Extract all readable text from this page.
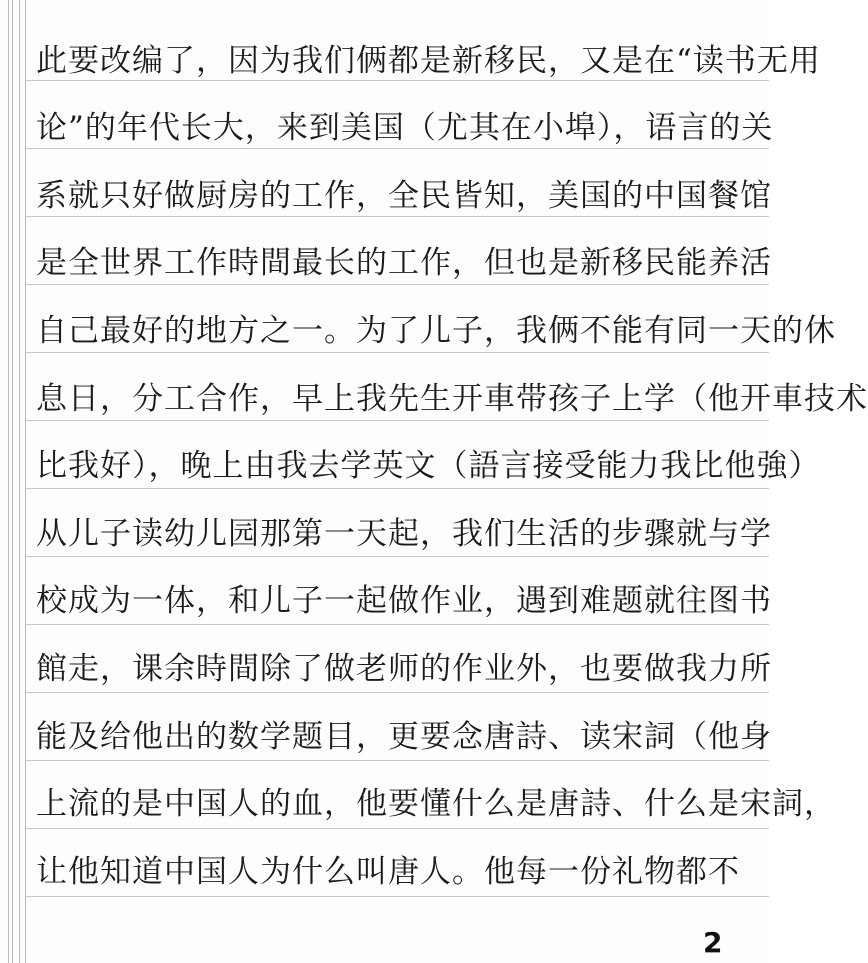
此要改编了，因为我们俩都是新移民，又是在“读书无用
论”的年代长大，来到美国（尤其在小埠），语言的关
系就只好做厨房的工作，全民皆知，美国的中国餐馆
是全世界工作時間最长的工作，但也是新移民能养活
自己最好的地方之一。为了儿子，我俩不能有同一天的休
息日，分工合作，早上我先生开車带孩子上学（他开車技术
比我好），晚上由我去学英文（語言接受能力我比他強）
从儿子读幼儿园那第一天起，我们生活的步骤就与学
校成为一体，和儿子一起做作业，遇到难题就往图书
館走，课余時間除了做老师的作业外，也要做我力所
能及给他出的数学题目，更要念唐詩、读宋詞（他身
上流的是中国人的血，他要懂什么是唐詩、什么是宋詞，
让他知道中国人为什么叫唐人。他每一份礼物都不
2
